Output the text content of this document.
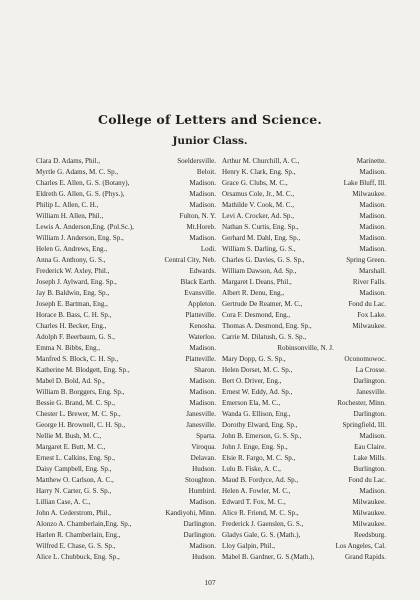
College of Letters and Science.
Junior Class.
Clara D. Adams, Phil.,	Soeldersville.
Myrtle G. Adams, M. C. Sp.,	Beloit.
Charles E. Allen, G. S. (Botany),	Madison.
Eldreth G. Allen, G. S. (Phys.),	Madison.
Philip L. Allen, C. H.,	Madison.
William H. Allen, Phil.,	Fulton, N. Y.
Lewis A. Anderson,Eng. (Pol.Sc.),	Mt.Horeb.
William J. Anderson, Eng. Sp.,	Madison.
Helen G. Andrews, Eng.,	Lodi.
Anna G. Anthony, G. S.,	Central City, Neb.
Frederick W. Axley, Phil.,	Edwards.
Joseph J. Aylward, Eng. Sp.,	Black Earth.
Jay B. Baldwin, Eng. Sp.,	Evansville.
Joseph E. Bartman, Eng.,	Appleton.
Horace B. Bass, C. H. Sp.,	Platteville.
Charles H. Becker, Eng.,	Kenosha.
Adolph F. Beerbaum, G. S.,	Waterloo.
Emma N. Bibbs, Eng.,	Madison.
Manfred S. Block, C. H. Sp.,	Platteville.
Katherine M. Blodgett, Eng. Sp.,	Sharon.
Mabel D. Bold, Ad. Sp.,	Madison.
William B. Borggers, Eng. Sp.,	Madison.
Bessie G. Brand, M. C. Sp.,	Madison.
Chester L. Brewer, M. C. Sp.,	Janesville.
George H. Brownell, C. H. Sp.,	Janesville.
Nellie M. Bush, M. C.,	Sparta.
Margaret E. Butt, M. C.,	Viroqua.
Ernest L. Calkins, Eng. Sp.,	Delavan.
Daisy Campbell, Eng. Sp.,	Hudson.
Matthew O. Carlson, A. C.,	Stoughton.
Harry N. Carter, G. S. Sp.,	Humbird.
Lillian Case, A. C.,	Madison.
John A. Cederstrom, Phil.,	Kandiyohi, Minn.
Alonzo A. Chamberlain,Eng. Sp.,	Darlington.
Harlen R. Chamberlain, Eng.,	Darlington.
Wilfred E. Chase, G. S. Sp.,	Madison.
Alice L. Chubbuck, Eng. Sp.,	Hudson.
Arthur M. Churchill, A. C.,	Marinette.
Henry K. Clark, Eng. Sp.,	Madison.
Grace G. Clubs, M. C.,	Lake Bluff, Ill.
Orsamus Cole, Jr., M. C.,	Milwaukee.
Mathilde V. Cook, M. C.,	Madison.
Levi A. Crocker, Ad. Sp.,	Madison.
Nathan S. Curtis, Eng. Sp.,	Madison.
Gerhard M. Dahl, Eng. Sp.,	Madison.
William S. Darling, G. S.,	Madison.
Charles G. Davies, G. S. Sp.,	Spring Green.
William Dawson, Ad. Sp.,	Marshall.
Margaret L Deans, Phil.,	River Falls.
Albert R. Denu, Eng.,	Madison.
Gertrude De Reamer, M. C.,	Fond du Lac.
Cora F. Desmond, Eng.,	Fox Lake.
Thomas A. Desmond, Eng. Sp.,	Milwaukee.
Carrie M. Dilatush, G. S. Sp.,
Robinsonville, N. J.
Mary Dopp, G. S. Sp.,	Oconomowoc.
Helen Dorset, M. C. Sp.,	La Crosse.
Bert O. Driver, Eng.,	Darlington.
Ernest W. Eddy, Ad. Sp.,	Janesville.
Emerson Ela, M. C.,	Rochester, Minn.
Wanda G. Ellison, Eng.,	Darlington.
Dorothy Elward, Eng. Sp.,	Springfield, Ill.
John B. Emerson, G. S. Sp.,	Madison.
John J. Enge, Eng. Sp.,	Eau Claire.
Elsie R. Fargo, M. C. Sp.,	Lake Mills.
Lulu B. Fiske, A. C.,	Burlington.
Maud B. Fordyce, Ad. Sp.,	Fond du Lac.
Helen A. Fowler, M. C.,	Madison.
Edward T. Fox, M. C.,	Milwaukee.
Alice R. Friend, M. C. Sp.,	Milwaukee.
Frederick J. Gaenslen, G. S.,	Milwaukee.
Gladys Gale, G. S. (Math.),	Reedsburg.
Lloy Galpin, Phil.,	Los Angeles, Cal.
Mabel B. Gardner, G. S.(Math.),	Grand Rapids.
107
